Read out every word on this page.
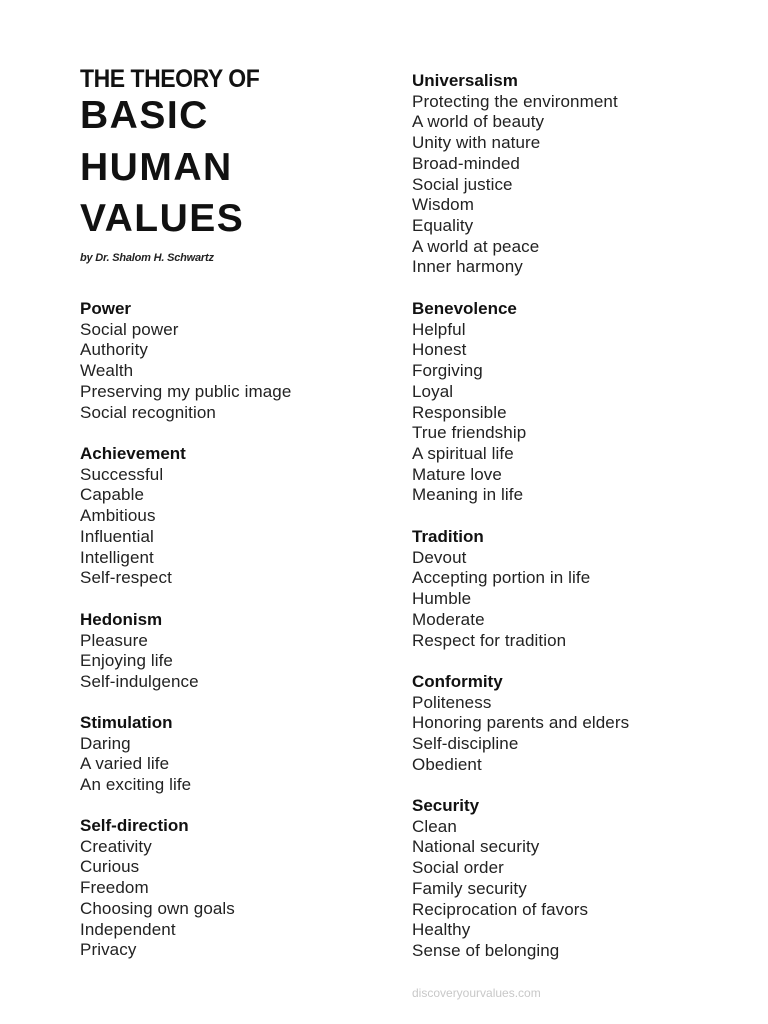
THE THEORY OF
BASIC
HUMAN
VALUES

by Dr. Shalom H. Schwartz

Power

Social power
Authority
Wealth
Preserving my public image
Social recognition

Achievement

Successful
Capable
Ambitious
Influential
Intelligent
Self-respect

Hedonism

Pleasure
Enjoying life
Self-indulgence

Stimulation

Daring
A varied life
An exciting life

Self-direction

Creativity
Curious
Freedom
Choosing own goals
Independent
Privacy

Universalism

Protecting the environment
A world of beauty
Unity with nature
Broad-minded
Social justice
Wisdom
Equality
A world at peace
Inner harmony

Benevolence

Helpful
Honest
Forgiving
Loyal
Responsible
True friendship
A spiritual life
Mature love
Meaning in life

Tradition

Devout
Accepting portion in life
Humble
Moderate
Respect for tradition

Conformity

Politeness
Honoring parents and elders
Self-discipline
Obedient

Security

Clean
National security
Social order
Family security
Reciprocation of favors
Healthy
Sense of belonging
discoveryourvalues.com
